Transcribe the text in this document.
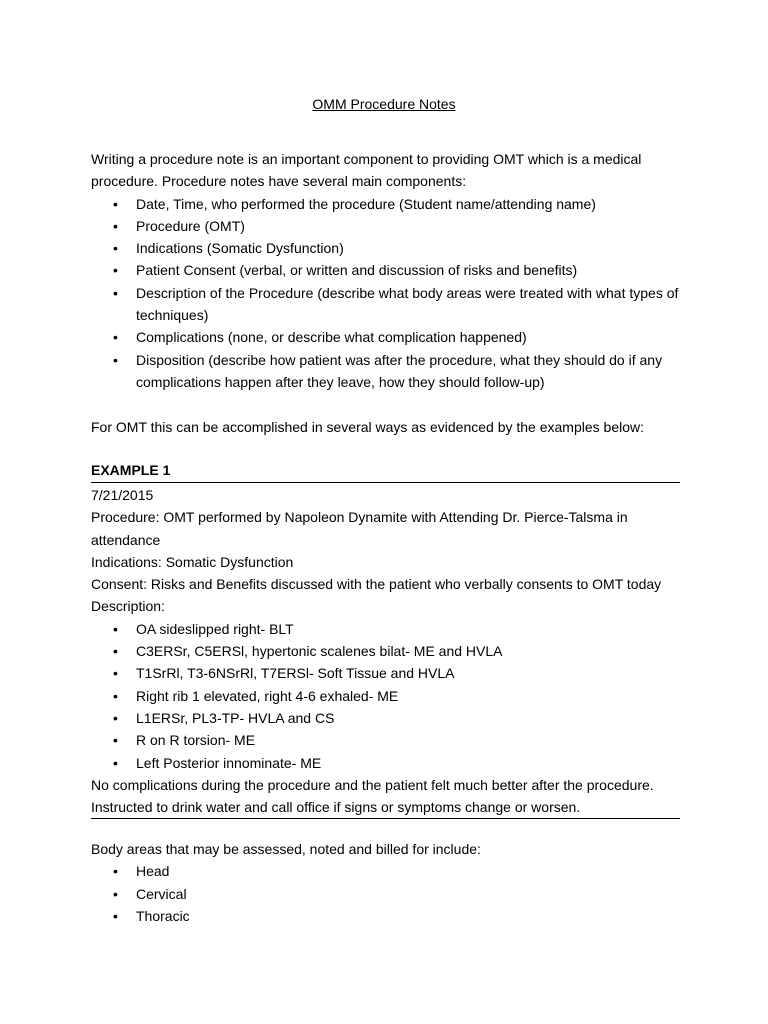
OMM Procedure Notes
Writing a procedure note is an important component to providing OMT which is a medical
procedure. Procedure notes have several main components:
• Date, Time, who performed the procedure (Student name/attending name)
• Procedure (OMT)
• Indications (Somatic Dysfunction)
• Patient Consent (verbal, or written and discussion of risks and benefits)
• Description of the Procedure (describe what body areas were treated with what types of
techniques)
• Complications (none, or describe what complication happened)
• Disposition (describe how patient was after the procedure, what they should do if any
complications happen after they leave, how they should follow-up)
For OMT this can be accomplished in several ways as evidenced by the examples below:
EXAMPLE 1
7/21/2015
Procedure: OMT performed by Napoleon Dynamite with Attending Dr. Pierce-Talsma in
attendance
Indications: Somatic Dysfunction
Consent: Risks and Benefits discussed with the patient who verbally consents to OMT today
Description:
• OA sideslipped right- BLT
• C3ERSr, C5ERSl, hypertonic scalenes bilat- ME and HVLA
• T1SrRl, T3-6NSrRl, T7ERSl- Soft Tissue and HVLA
• Right rib 1 elevated, right 4-6 exhaled- ME
• L1ERSr, PL3-TP- HVLA and CS
• R on R torsion- ME
• Left Posterior innominate- ME
No complications during the procedure and the patient felt much better after the procedure.
Instructed to drink water and call office if signs or symptoms change or worsen.
Body areas that may be assessed, noted and billed for include:
• Head
• Cervical
• Thoracic
